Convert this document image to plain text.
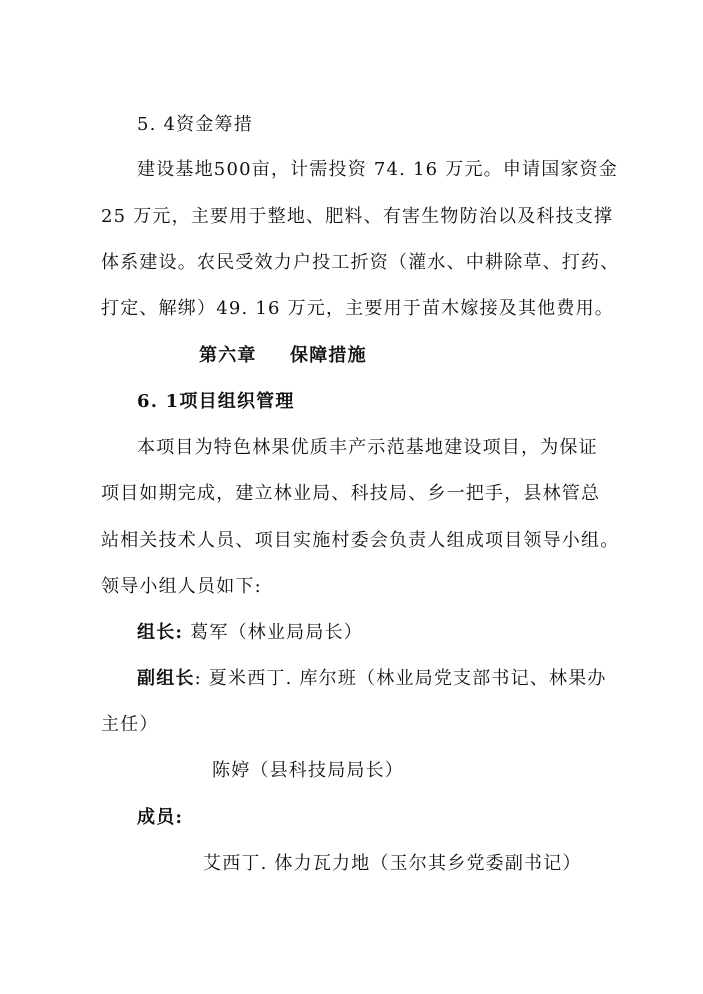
5. 4资金筹措
建设基地500亩，计需投资 74. 16 万元。申请国家资金
25 万元，主要用于整地、肥料、有害生物防治以及科技支撑
体系建设。农民受效力户投工折资（灌水、中耕除草、打药、
打定、解绑）49. 16 万元，主要用于苗木嫁接及其他费用。
第六章 保障措施
6. 1项目组织管理
本项目为特色林果优质丰产示范基地建设项目，为保证
项目如期完成，建立林业局、科技局、乡一把手，县林管总
站相关技术人员、项目实施村委会负责人组成项目领导小组。
领导小组人员如下:
组长: 葛军（林业局局长）
副组长: 夏米西丁. 库尔班（林业局党支部书记、林果办
主任）
陈婷（县科技局局长）
成员:
艾西丁. 体力瓦力地（玉尔其乡党委副书记）
